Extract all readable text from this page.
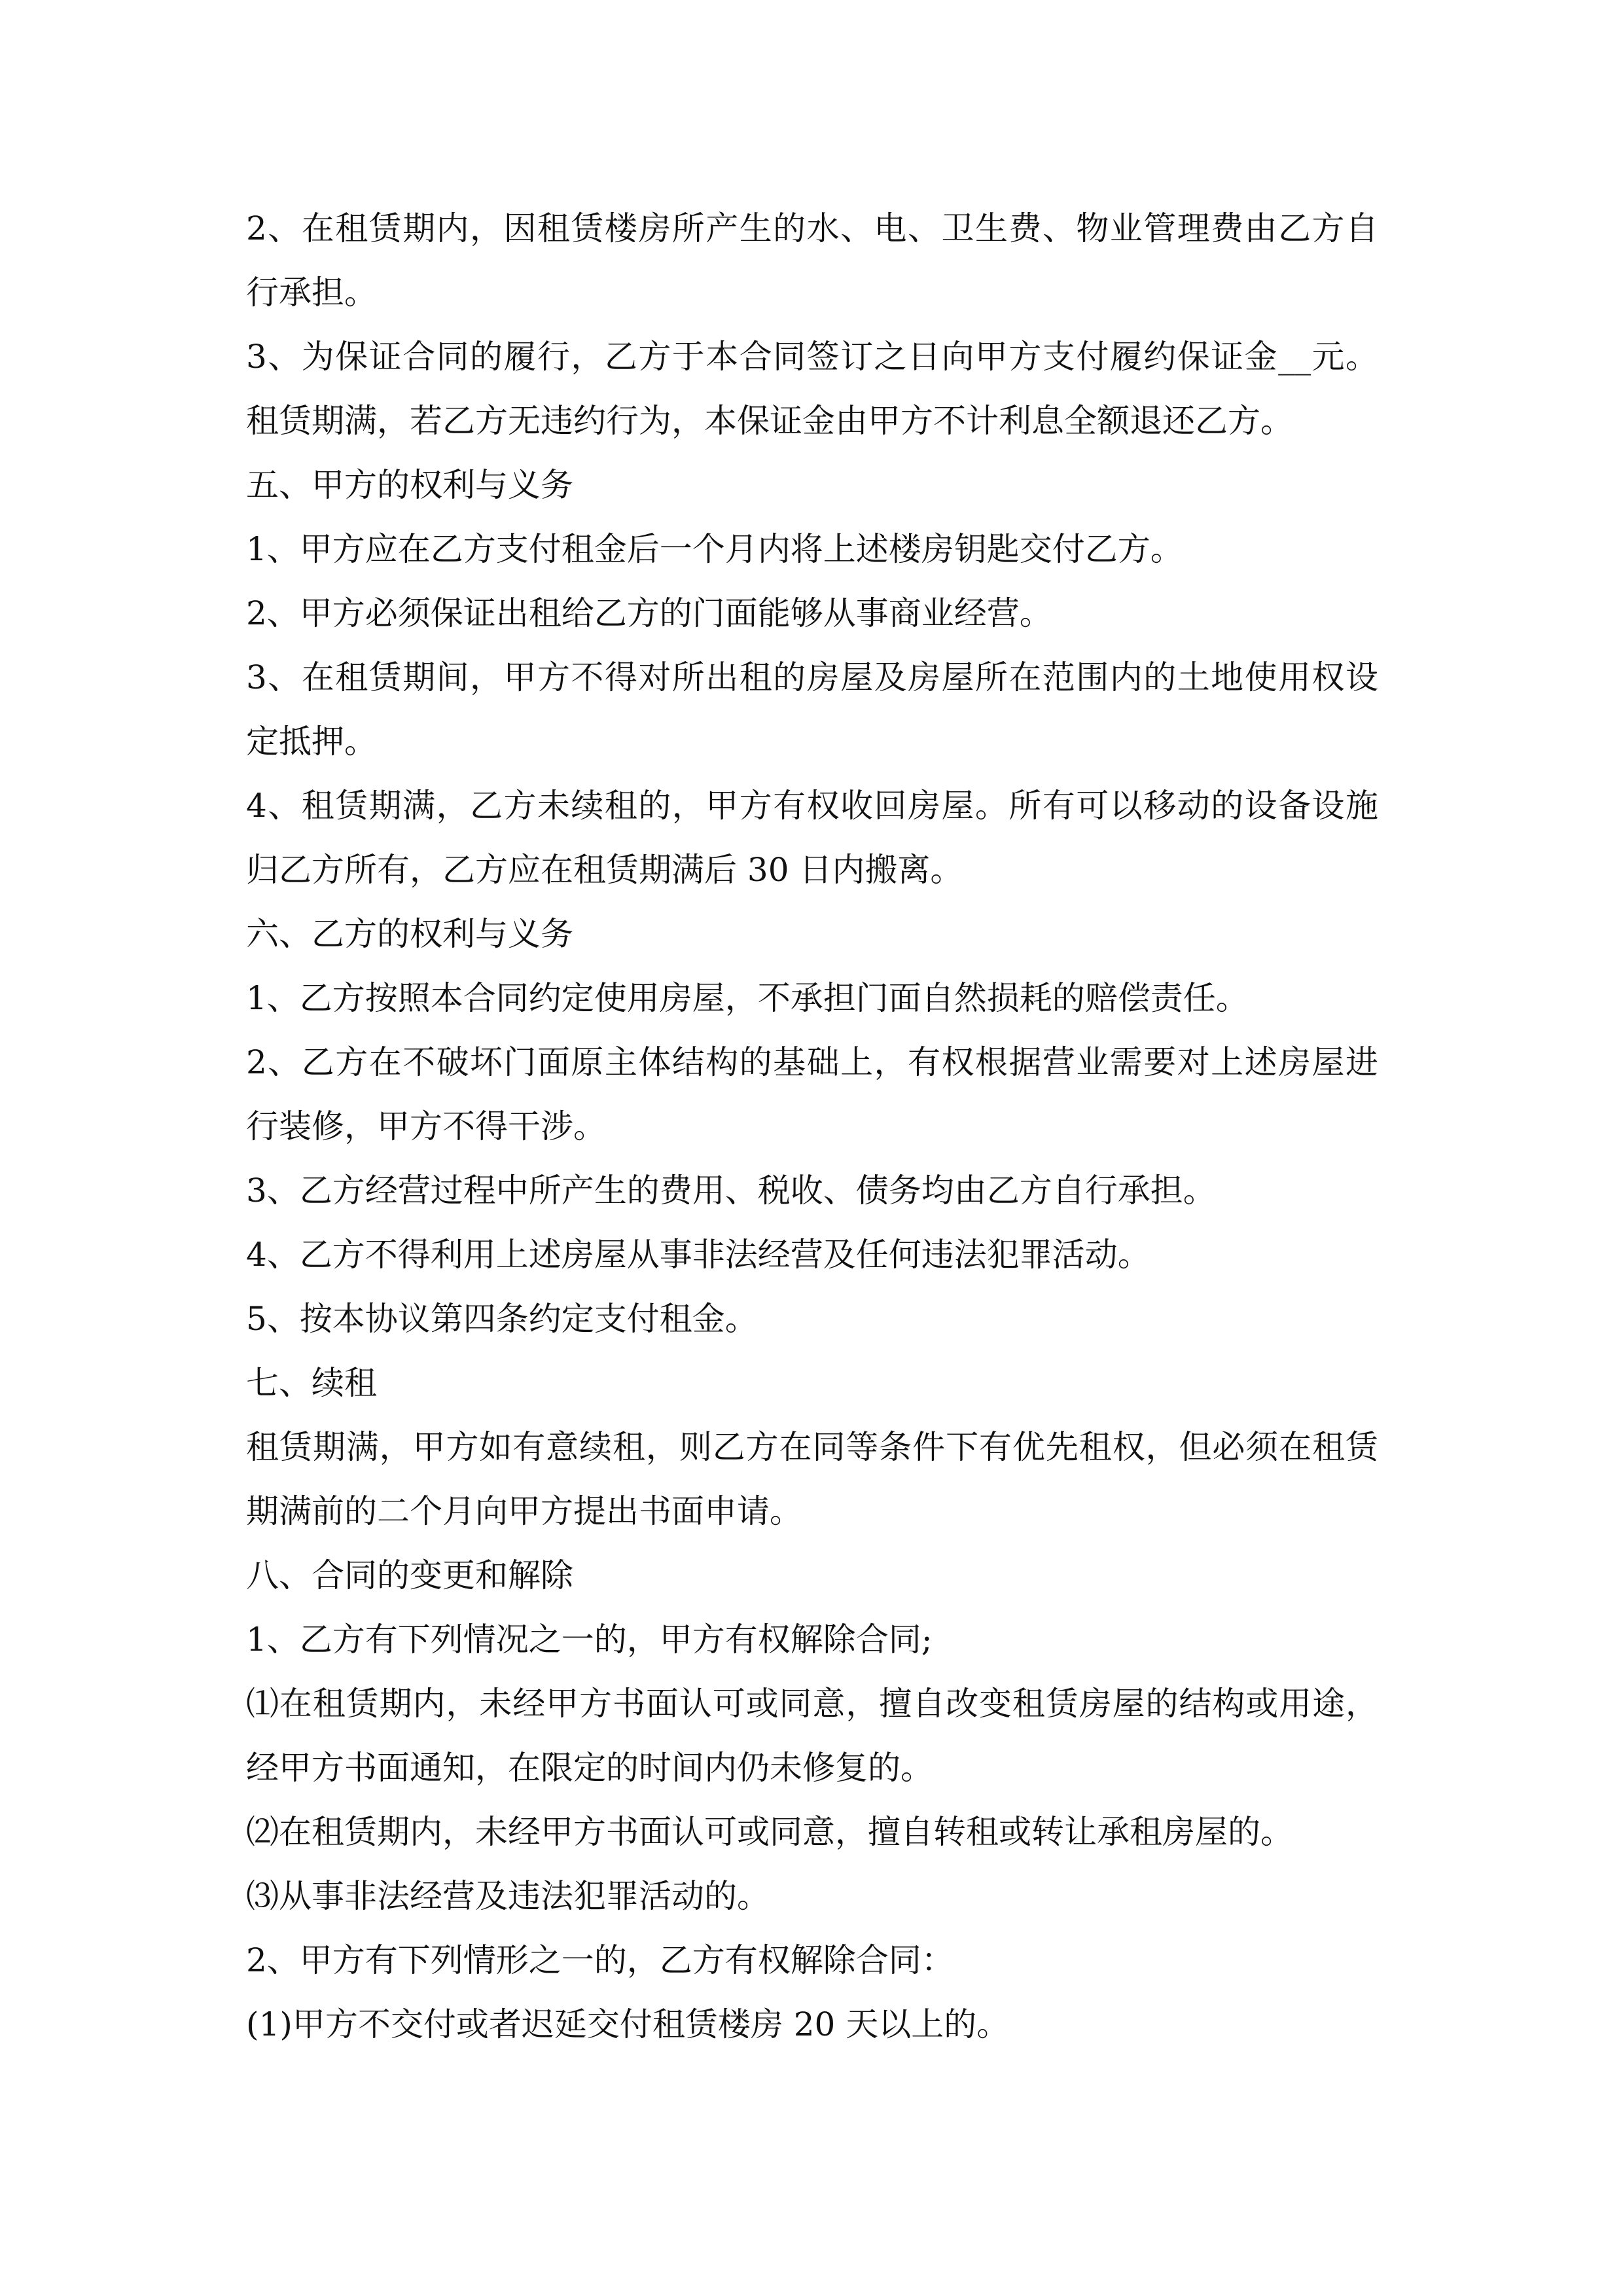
2、在租赁期内，因租赁楼房所产生的水、电、卫生费、物业管理费由乙方自行承担。

3、为保证合同的履行，乙方于本合同签订之日向甲方支付履约保证金__元。租赁期满，若乙方无违约行为，本保证金由甲方不计利息全额退还乙方。

五、甲方的权利与义务

1、甲方应在乙方支付租金后一个月内将上述楼房钥匙交付乙方。

2、甲方必须保证出租给乙方的门面能够从事商业经营。

3、在租赁期间，甲方不得对所出租的房屋及房屋所在范围内的土地使用权设定抵押。

4、租赁期满，乙方未续租的，甲方有权收回房屋。所有可以移动的设备设施归乙方所有，乙方应在租赁期满后 30 日内搬离。

六、乙方的权利与义务

1、乙方按照本合同约定使用房屋，不承担门面自然损耗的赔偿责任。

2、乙方在不破坏门面原主体结构的基础上，有权根据营业需要对上述房屋进行装修，甲方不得干涉。

3、乙方经营过程中所产生的费用、税收、债务均由乙方自行承担。

4、乙方不得利用上述房屋从事非法经营及任何违法犯罪活动。

5、按本协议第四条约定支付租金。

七、续租

租赁期满，甲方如有意续租，则乙方在同等条件下有优先租权，但必须在租赁期满前的二个月向甲方提出书面申请。

八、合同的变更和解除

1、乙方有下列情况之一的，甲方有权解除合同;

⑴在租赁期内，未经甲方书面认可或同意，擅自改变租赁房屋的结构或用途，经甲方书面通知，在限定的时间内仍未修复的。

⑵在租赁期内，未经甲方书面认可或同意，擅自转租或转让承租房屋的。

⑶从事非法经营及违法犯罪活动的。

2、甲方有下列情形之一的，乙方有权解除合同：

(1)甲方不交付或者迟延交付租赁楼房 20 天以上的。
